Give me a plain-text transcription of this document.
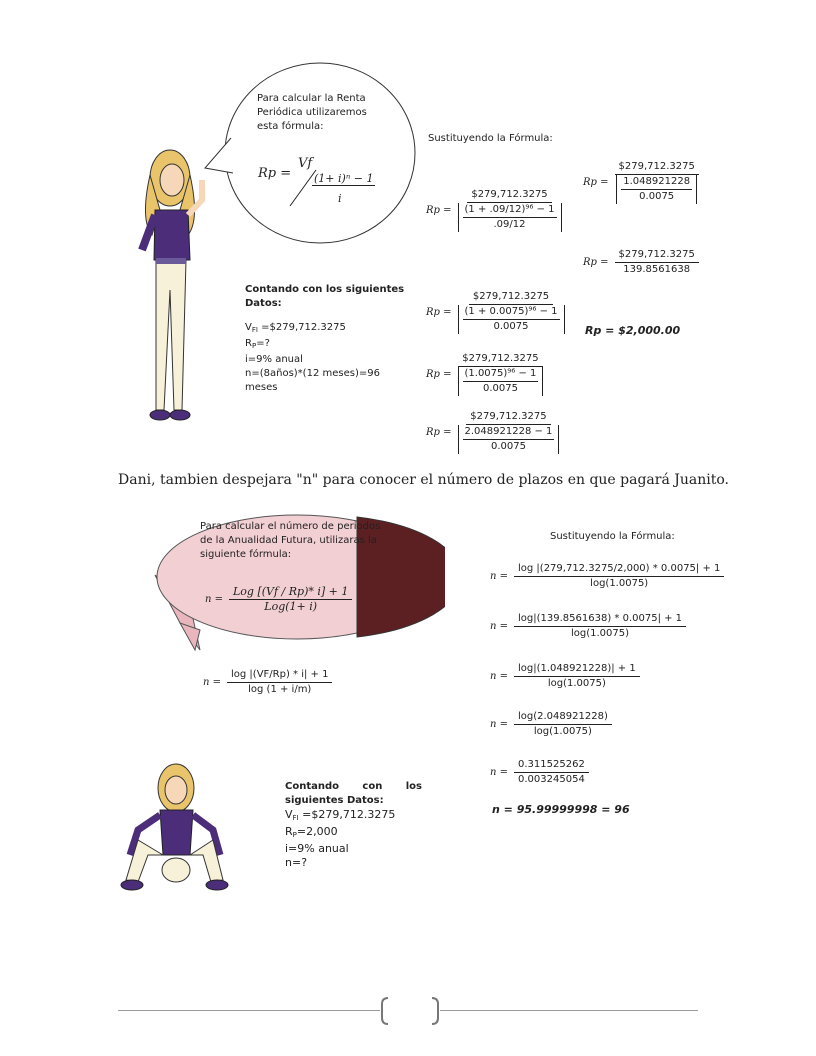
Para calcular la Renta Periódica utilizaremos esta fórmula:
Rp =
Vf
(1+ i)ⁿ − 1
i
Contando con los siguientes Datos:
$V_{FI}$ =$279,712.3275
$R_P=$?
i=9% anual
n=(8años)*(12 meses)=96 meses
Sustituyendo la Fórmula:
Rp = $279,712.3275
(1 + .09/12)⁹⁶ − 1
.09/12
Rp = $279,712.3275
(1 + 0.0075)⁹⁶ − 1
0.0075
Rp = $279,712.3275
(1.0075)⁹⁶ − 1
0.0075
Rp = $279,712.3275
2.048921228 − 1
0.0075
Rp = $279,712.3275
1.048921228
0.0075
$Rp = \frac{\$279,712.3275}{139.8561638}$
Rp = $2,000.00
Dani, tambien despejara "n" para conocer el número de plazos en que pagará Juanito.
Para calcular el número de periodos de la Anualidad Futura, utilizaras la siguiente fórmula:
$n = \frac{\text{Log [(Vf / Rp)* i] + 1}}{\text{Log(1+ i)}}$
$n = \frac{\log |(VF/Rp) * i| + 1}{\log (1 + i/m)}$
Sustituyendo la Fórmula:
$n = \frac{\log |(279,712.3275/2,000) * 0.0075| + 1}{\log(1.0075)}$
$n = \frac{\log|(139.8561638) * 0.0075| + 1}{\log(1.0075)}$
$n = \frac{\log|(1.048921228)| + 1}{\log(1.0075)}$
$n = \frac{\log(2.048921228)}{\log(1.0075)}$
$n = \frac{0.311525262}{0.003245054}$
n = 95.99999998 = 96
Contando con los siguientes Datos:
$V_{FI}$ =$279,712.3275
$R_P=2,000$
i=9% anual
n=?
